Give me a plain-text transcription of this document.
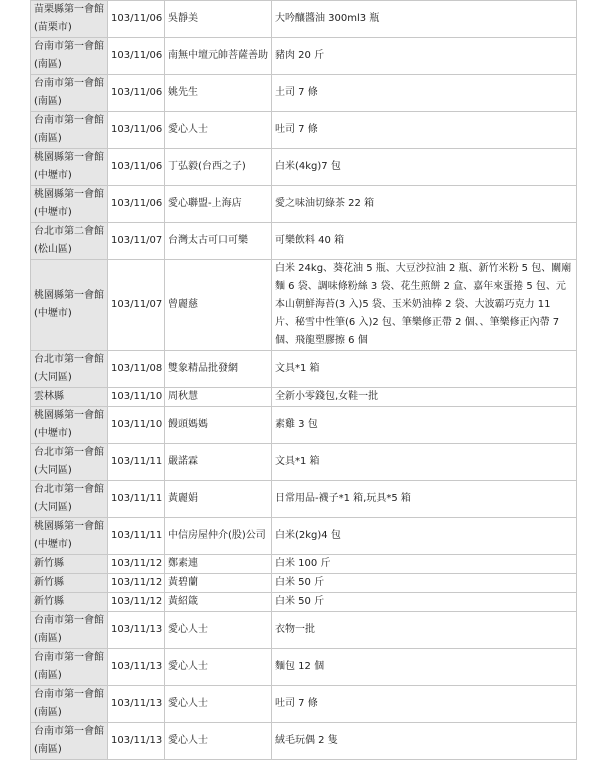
苗栗縣第一會館
(苗栗市)	103/11/06	吳靜美	大吟釀醬油 300ml3 瓶

台南市第一會館
(南區)	103/11/06	南無中壇元帥菩薩善助	豬肉 20 斤

台南市第一會館
(南區)	103/11/06	姚先生	土司 7 條

台南市第一會館
(南區)	103/11/06	愛心人士	吐司 7 條

桃園縣第一會館
(中壢市)	103/11/06	丁弘毅(台西之子)	白米(4kg)7 包

桃園縣第一會館
(中壢市)	103/11/06	愛心聯盟-上海店	愛之味油切綠茶 22 箱

台北市第二會館
(松山區)	103/11/07	台灣太古可口可樂	可樂飲料 40 箱

桃園縣第一會館
(中壢市)	103/11/07	曾麗慈	白米 24kg、葵花油 5 瓶、大豆沙拉油 2 瓶、新竹米粉 5 包、關廟麵 6 袋、調味條粉絲 3 袋、花生煎餅 2 盒、嘉年來蛋捲 5 包、元本山朝鮮海苔(3 入)5 袋、玉米奶油棒 2 袋、大波霸巧克力 11 片、秘雪中性筆(6 入)2 包、筆樂修正帶 2 個、、筆樂修正內帶 7 個、飛龍塑膠擦 6 個

台北市第一會館
(大同區)	103/11/08	雙象精品批發網	文具*1 箱

雲林縣	103/11/10	周秋慧	全新小零錢包,女鞋一批

桃園縣第一會館
(中壢市)	103/11/10	饅頭媽媽	素雞 3 包

台北市第一會館
(大同區)	103/11/11	嚴諾霖	文具*1 箱

台北市第一會館
(大同區)	103/11/11	黃麗娟	日常用品-襪子*1 箱,玩具*5 箱

桃園縣第一會館
(中壢市)	103/11/11	中信房屋仲介(股)公司	白米(2kg)4 包

新竹縣	103/11/12	鄭素連	白米 100 斤

新竹縣	103/11/12	黃碧蘭	白米 50 斤

新竹縣	103/11/12	黃紹箴	白米 50 斤

台南市第一會館
(南區)	103/11/13	愛心人士	衣物一批

台南市第一會館
(南區)	103/11/13	愛心人士	麵包 12 個

台南市第一會館
(南區)	103/11/13	愛心人士	吐司 7 條

台南市第一會館
(南區)	103/11/13	愛心人士	絨毛玩偶 2 隻
